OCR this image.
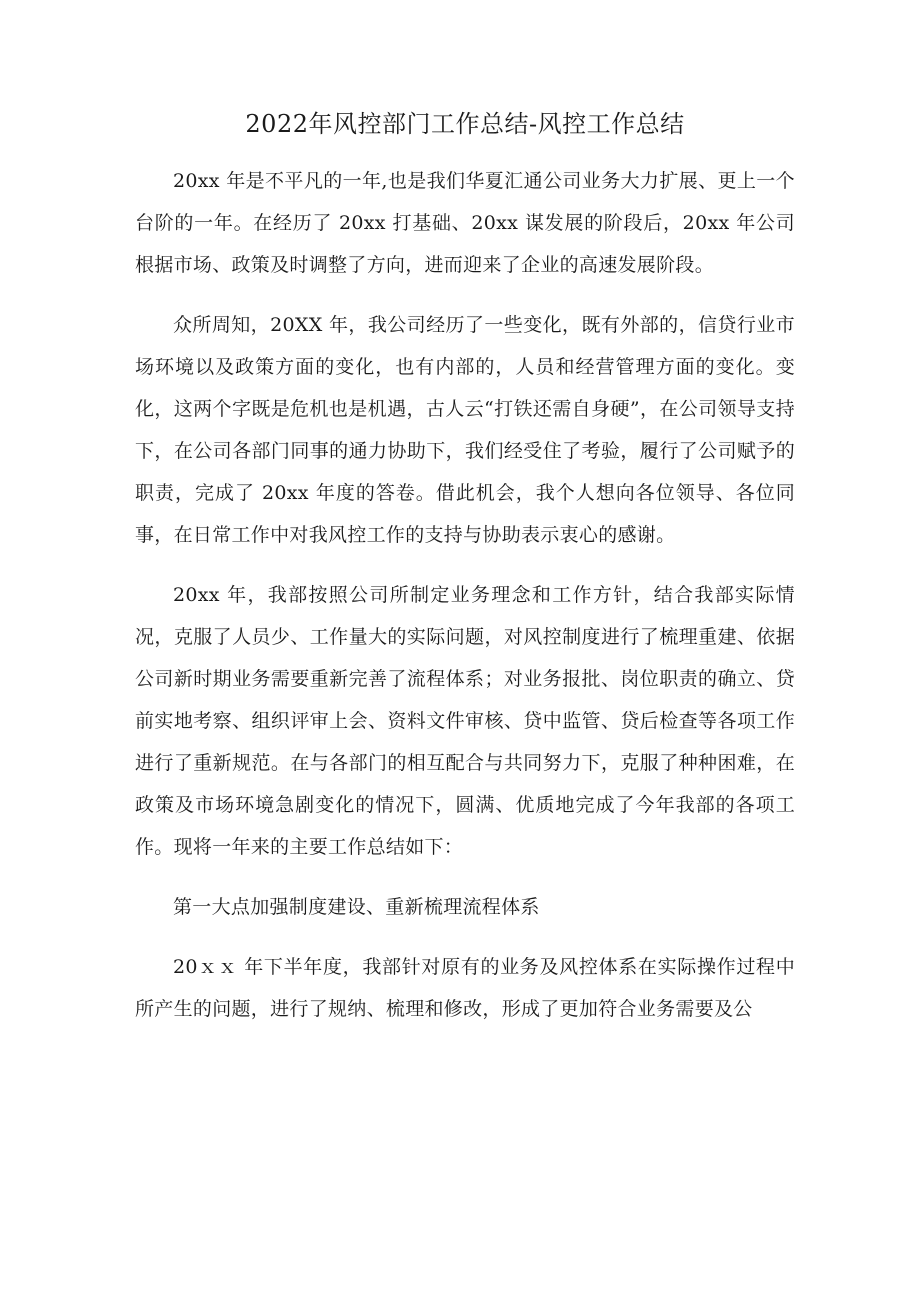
2022年风控部门工作总结-风控工作总结

20xx 年是不平凡的一年,也是我们华夏汇通公司业务大力扩展、更上一个台阶的一年。在经历了 20xx 打基础、20xx 谋发展的阶段后，20xx 年公司根据市场、政策及时调整了方向，进而迎来了企业的高速发展阶段。

众所周知，20XX 年，我公司经历了一些变化，既有外部的，信贷行业市场环境以及政策方面的变化，也有内部的，人员和经营管理方面的变化。变化，这两个字既是危机也是机遇，古人云“打铁还需自身硬”，在公司领导支持下，在公司各部门同事的通力协助下，我们经受住了考验，履行了公司赋予的职责，完成了 20xx 年度的答卷。借此机会，我个人想向各位领导、各位同事，在日常工作中对我风控工作的支持与协助表示衷心的感谢。

20xx 年，我部按照公司所制定业务理念和工作方针，结合我部实际情况，克服了人员少、工作量大的实际问题，对风控制度进行了梳理重建、依据公司新时期业务需要重新完善了流程体系；对业务报批、岗位职责的确立、贷前实地考察、组织评审上会、资料文件审核、贷中监管、贷后检查等各项工作进行了重新规范。在与各部门的相互配合与共同努力下，克服了种种困难，在政策及市场环境急剧变化的情况下，圆满、优质地完成了今年我部的各项工作。现将一年来的主要工作总结如下：

第一大点加强制度建设、重新梳理流程体系

20ｘｘ 年下半年度，我部针对原有的业务及风控体系在实际操作过程中所产生的问题，进行了规纳、梳理和修改，形成了更加符合业务需要及公
